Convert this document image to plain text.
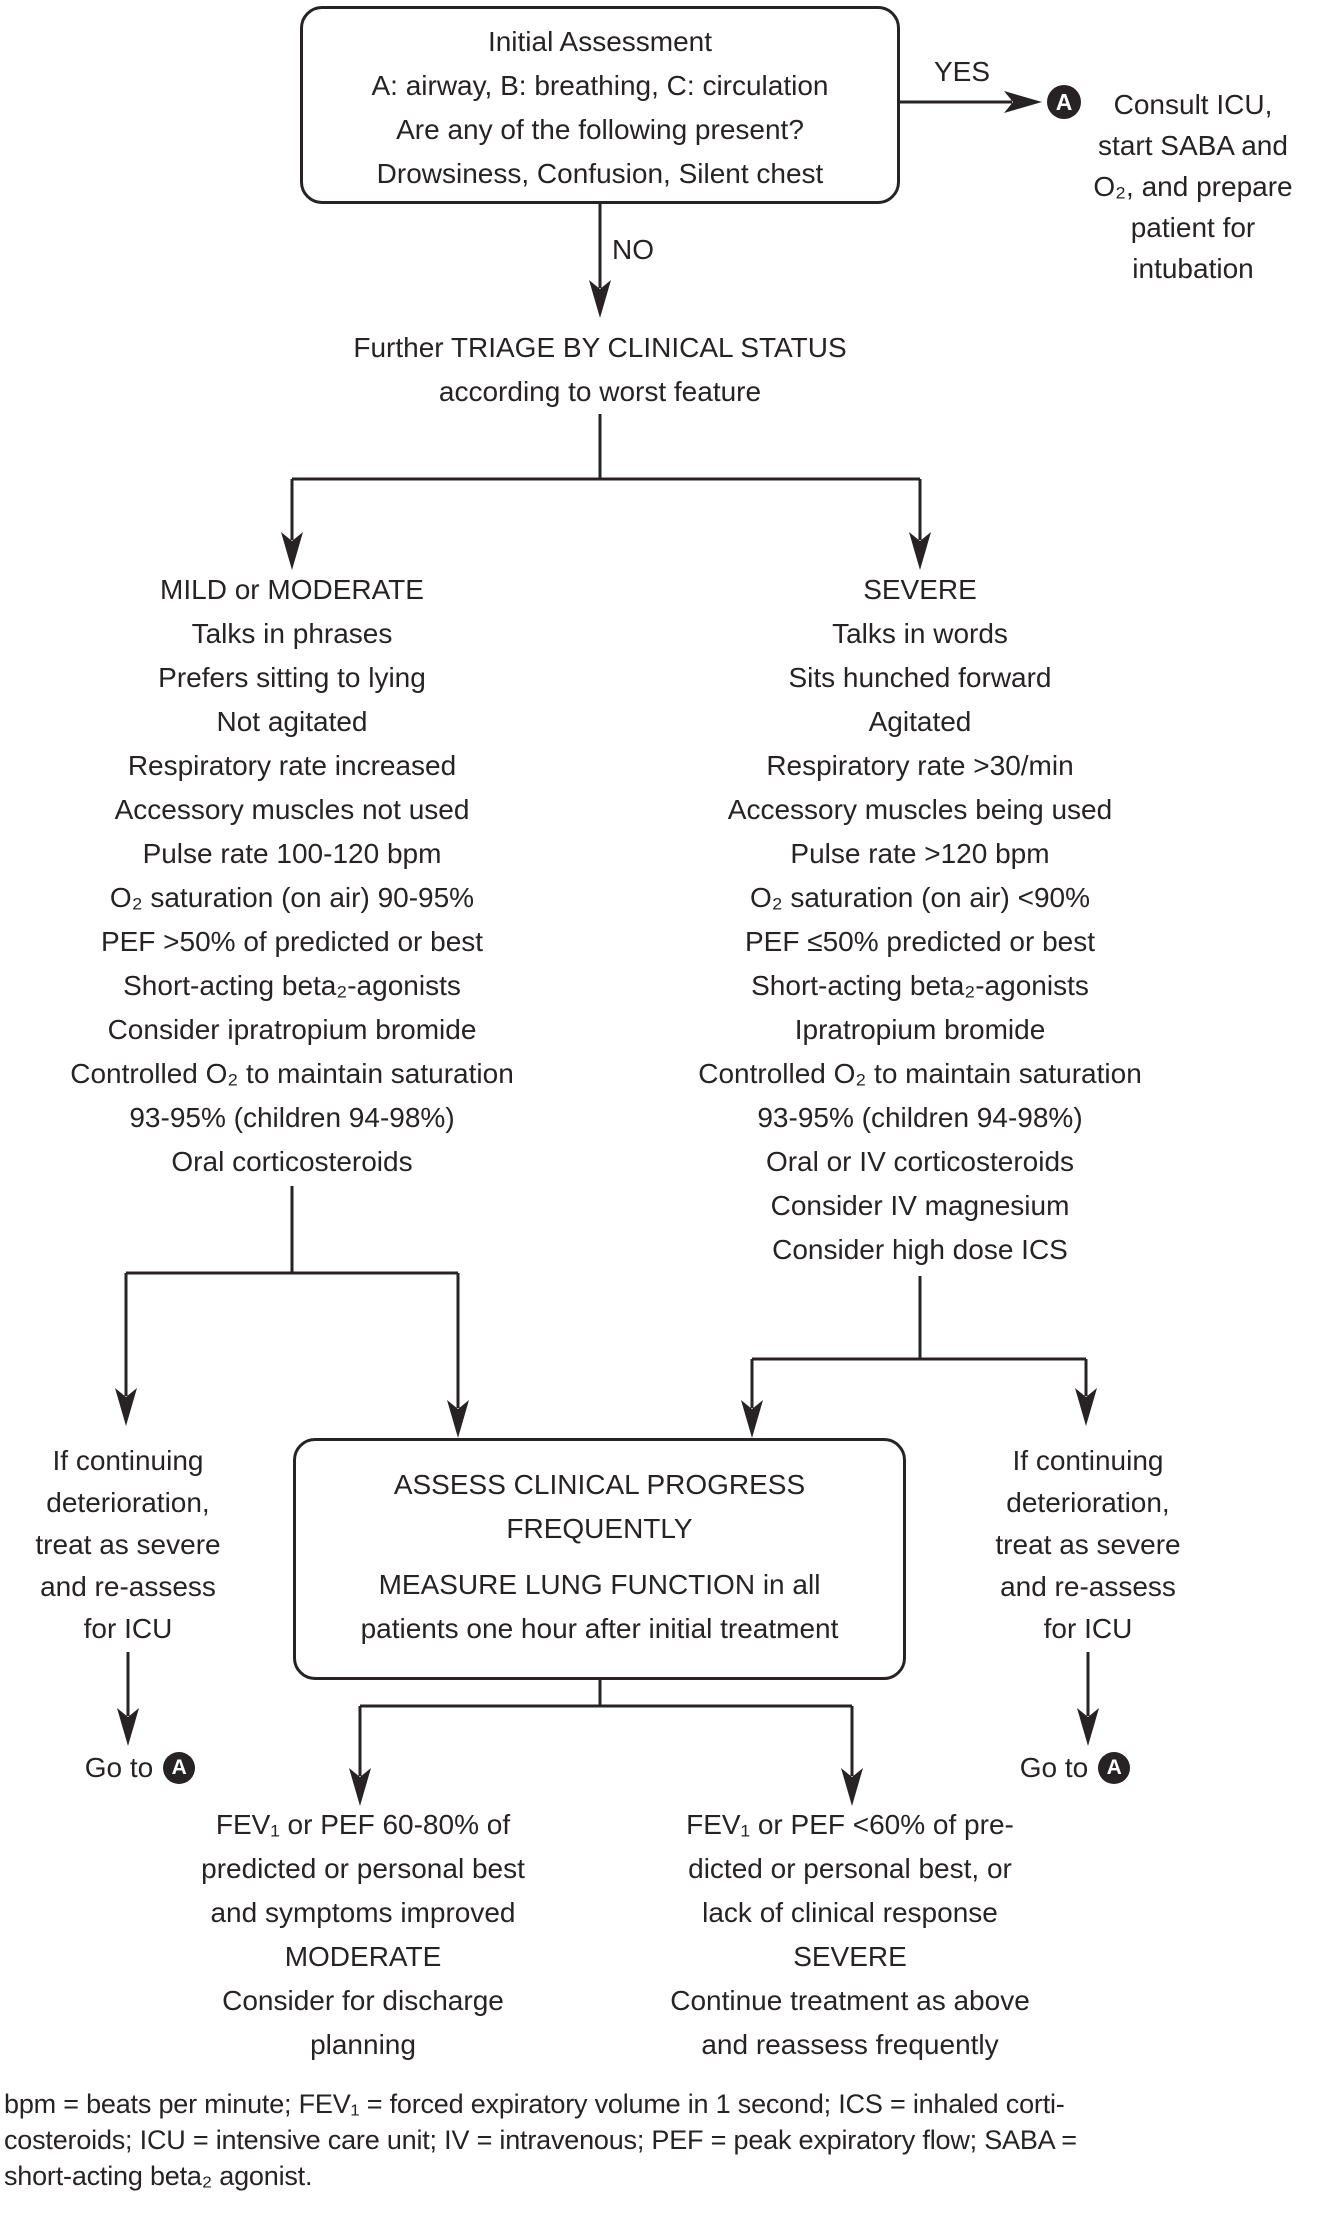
Initial Assessment
A: airway, B: breathing, C: circulation
Are any of the following present?
Drowsiness, Confusion, Silent chest
YES
NO
A	Consult ICU,
start SABA and
O₂, and prepare
patient for
intubation
Further TRIAGE BY CLINICAL STATUS
according to worst feature
MILD or MODERATE
Talks in phrases
Prefers sitting to lying
Not agitated
Respiratory rate increased
Accessory muscles not used
Pulse rate 100-120 bpm
O₂ saturation (on air) 90-95%
PEF >50% of predicted or best
Short-acting beta₂-agonists
Consider ipratropium bromide
Controlled O₂ to maintain saturation
93-95% (children 94-98%)
Oral corticosteroids
SEVERE
Talks in words
Sits hunched forward
Agitated
Respiratory rate >30/min
Accessory muscles being used
Pulse rate >120 bpm
O₂ saturation (on air) <90%
PEF ≤50% predicted or best
Short-acting beta₂-agonists
Ipratropium bromide
Controlled O₂ to maintain saturation
93-95% (children 94-98%)
Oral or IV corticosteroids
Consider IV magnesium
Consider high dose ICS
ASSESS CLINICAL PROGRESS
FREQUENTLY
MEASURE LUNG FUNCTION in all
patients one hour after initial treatment
If continuing
deterioration,
treat as severe
and re-assess
for ICU
If continuing
deterioration,
treat as severe
and re-assess
for ICU
Go to A	Go to A
FEV₁ or PEF 60-80% of
predicted or personal best
and symptoms improved
MODERATE
Consider for discharge
planning
FEV₁ or PEF <60% of pre-
dicted or personal best, or
lack of clinical response
SEVERE
Continue treatment as above
and reassess frequently
bpm = beats per minute; FEV₁ = forced expiratory volume in 1 second; ICS = inhaled corti-
costeroids; ICU = intensive care unit; IV = intravenous; PEF = peak expiratory flow; SABA =
short-acting beta₂ agonist.
